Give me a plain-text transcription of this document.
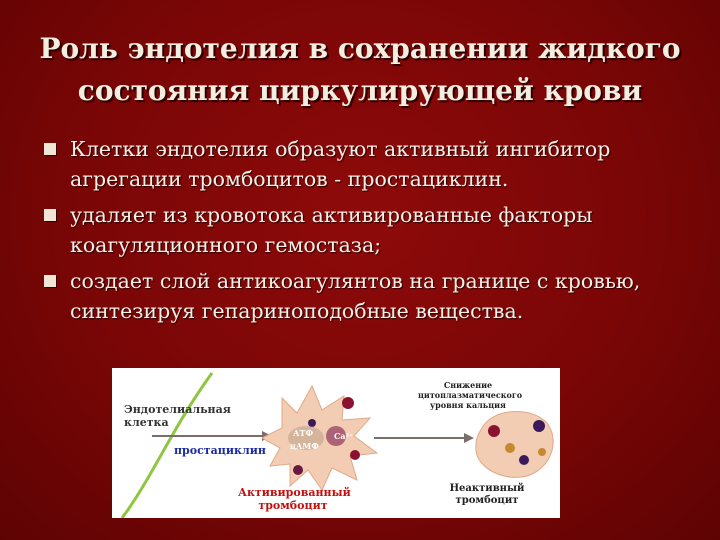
Роль эндотелия в сохранении жидкого состояния циркулирующей крови
Клетки эндотелия образуют активный ингибитор агрегации тромбоцитов - простациклин.
удаляет из кровотока активированные факторы коагуляционного гемостаза;
создает слой антикоагулянтов на границе с кровью, синтезируя гепариноподобные вещества.
Эндотелиальная клетка
простациклин
АТФ
цАМФ
Ca²⁺
Активированный тромбоцит
Снижение цитоплазматического уровня кальция
Неактивный тромбоцит
